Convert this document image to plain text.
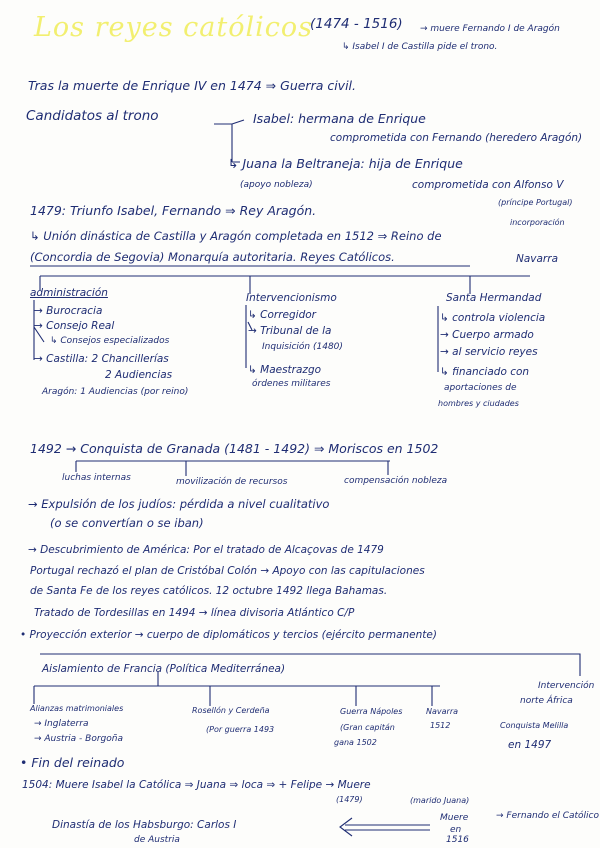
Los reyes católicos
(1474 - 1516) → muere Fernando I de Aragón
↳ Isabel I de Castilla pide el trono.
Tras la muerte de Enrique IV en 1474 ⇒ Guerra civil.
Candidatos al trono	Isabel: hermana de Enrique
comprometida con Fernando (heredero Aragón)
↳ Juana la Beltraneja: hija de Enrique
(apoyo nobleza)	comprometida con Alfonso V
(príncipe Portugal)
1479: Triunfo Isabel, Fernando ⇒ Rey Aragón.
incorporación
↳ Unión dinástica de Castilla y Aragón completada en 1512 ⇒ Reino de
(Concordia de Segovia) Monarquía autoritaria. Reyes Católicos.	Navarra
administración
→ Burocracia
→ Consejo Real
↳ Consejos especializados
→ Castilla: 2 Chancillerías
2 Audiencias
Aragón: 1 Audiencias (por reino)
Intervencionismo
↳ Corregidor
→ Tribunal de la
Inquisición (1480)
↳ Maestrazgo
órdenes militares
Santa Hermandad
↳ controla violencia
→ Cuerpo armado
→ al servicio reyes
↳ financiado con
aportaciones de
hombres y ciudades
1492 → Conquista de Granada (1481 - 1492) ⇒ Moriscos en 1502
luchas internas	movilización de recursos	compensación nobleza
→ Expulsión de los judíos: pérdida a nivel cualitativo
(o se convertían o se iban)
→ Descubrimiento de América: Por el tratado de Alcaçovas de 1479
Portugal rechazó el plan de Cristóbal Colón → Apoyo con las capitulaciones
de Santa Fe de los reyes católicos. 12 octubre 1492 llega Bahamas.
Tratado de Tordesillas en 1494 → línea divisoria Atlántico C/P
• Proyección exterior → cuerpo de diplomáticos y tercios (ejército permanente)
Aislamiento de Francia (Política Mediterránea)
Intervención
norte África
Conquista Melilla
en 1497
Alianzas matrimoniales
→ Inglaterra
→ Austria - Borgoña
Rosellón y Cerdeña
(Por guerra 1493
Guerra Nápoles
(Gran capitán
gana 1502
Navarra
1512
• Fin del reinado
1504: Muere Isabel la Católica ⇒ Juana ⇒ loca ⇒ + Felipe → Muere
(1479)	(marido Juana)
→ Fernando el Católico
Dinastía de los Habsburgo: Carlos I
de Austria
Muere
en
1516
